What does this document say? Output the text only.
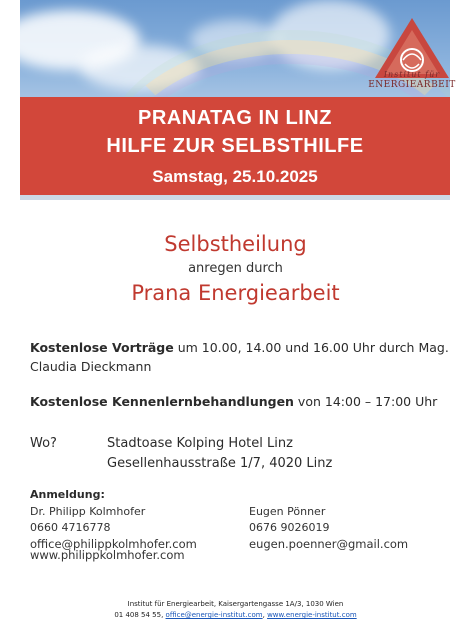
Institut für
ENERGIEARBEIT
PRANATAG IN LINZ
HILFE ZUR SELBSTHILFE
Samstag, 25.10.2025
Selbstheilung
anregen durch
Prana Energiearbeit
Kostenlose Vorträge um 10.00, 14.00 und 16.00 Uhr durch Mag. Claudia Dieckmann
Kostenlose Kennenlernbehandlungen von 14:00 – 17:00 Uhr
Wo?	Stadtoase Kolping Hotel Linz
Gesellenhausstraße 1/7, 4020 Linz
Anmeldung:
Dr. Philipp Kolmhofer
0660 4716778
office@philippkolmhofer.com
www.philippkolmhofer.com
Eugen Pönner
0676 9026019
eugen.poenner@gmail.com
Institut für Energiearbeit, Kaisergartengasse 1A/3, 1030 Wien
01 408 54 55, office@energie-institut.com, www.energie-institut.com
